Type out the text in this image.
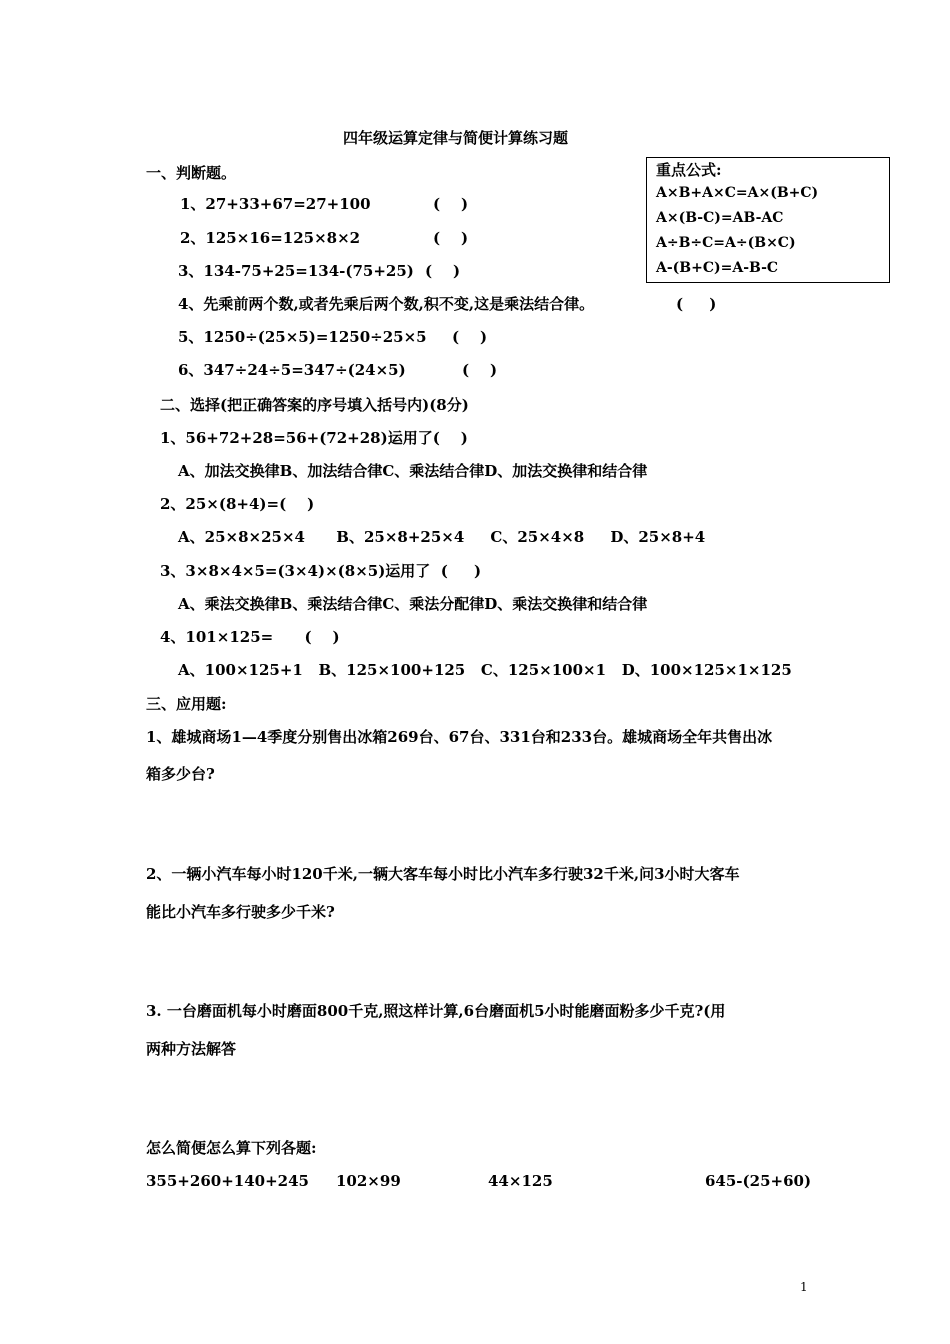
四年级运算定律与简便计算练习题
重点公式:
A×B+A×C=A×(B+C)
A×(B-C)=AB-AC
A÷B÷C=A÷(B×C)
A-(B+C)=A-B-C
一、判断题。
1、27+33+67=27+100	(    )
2、125×16=125×8×2	(    )
3、134-75+25=134-(75+25) (    )
4、先乘前两个数,或者先乘后两个数,积不变,这是乘法结合律。	(     )
5、1250÷(25×5)=1250÷25×5 (    )
6、347÷24÷5=347÷(24×5)	(    )
二、选择(把正确答案的序号填入括号内)(8分)
1、56+72+28=56+(72+28)运用了(    )
A、加法交换律B、加法结合律C、乘法结合律D、加法交换律和结合律
2、25×(8+4)=(    )
A、25×8×25×4      B、25×8+25×4     C、25×4×8     D、25×8+4
3、3×8×4×5=(3×4)×(8×5)运用了  (     )
A、乘法交换律B、乘法结合律C、乘法分配律D、乘法交换律和结合律
4、101×125=      (    )
A、100×125+1   B、125×100+125   C、125×100×1   D、100×125×1×125
三、应用题:
1、雄城商场1—4季度分别售出冰箱269台、67台、331台和233台。雄城商场全年共售出冰
箱多少台?
2、一辆小汽车每小时120千米,一辆大客车每小时比小汽车多行驶32千米,问3小时大客车
能比小汽车多行驶多少千米?
3. 一台磨面机每小时磨面800千克,照这样计算,6台磨面机5小时能磨面粉多少千克?(用
两种方法解答
怎么简便怎么算下列各题:
355+260+140+245 102×99	44×125	645-(25+60)
1
